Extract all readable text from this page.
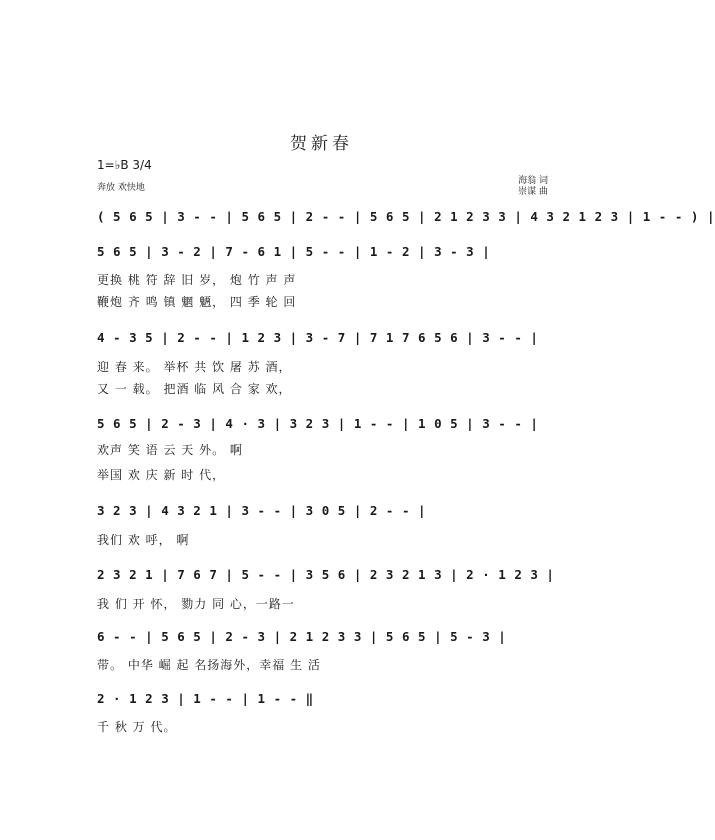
贺新春
1=♭B 3/4
奔放 欢快地
海翁 词
崇谋 曲
( 5 6 5 | 3 - - | 5 6 5 | 2 - - | 5 6 5 | 2 1 2 3 3 | 4 3 2 1 2 3 | 1 - - ) |
5 6 5 | 3 - 2 | 7 - 6 1 | 5 - - | 1 - 2 | 3 - 3 |
更换 桃 符 辞 旧 岁， 炮 竹 声 声
鞭炮 齐 鸣 镇 魍 魉， 四 季 轮 回
4 - 3 5 | 2 - - | 1 2 3 | 3 - 7 | 7 1 7 6 5 6 | 3 - - |
迎 春 来。 举杯 共 饮 屠 苏 酒，
又 一 载。 把酒 临 风 合 家 欢，
5 6 5 | 2 - 3 | 4 · 3 | 3 2 3 | 1 - - | 1 0 5 | 3 - - |
欢声 笑 语 云 天 外。 啊
举国 欢 庆 新 时 代，
3 2 3 | 4 3 2 1 | 3 - - | 3 0 5 | 2 - - |
我们 欢 呼， 啊
2 3 2 1 | 7 6 7 | 5 - - | 3 5 6 | 2 3 2 1 3 | 2 · 1 2 3 |
我 们 开 怀， 勠力 同 心，一路一
6 - - | 5 6 5 | 2 - 3 | 2 1 2 3 3 | 5 6 5 | 5 - 3 |
带。 中华 崛 起 名扬海外，幸福 生 活
2 · 1 2 3 | 1 - - | 1 - - ‖
千 秋 万 代。
